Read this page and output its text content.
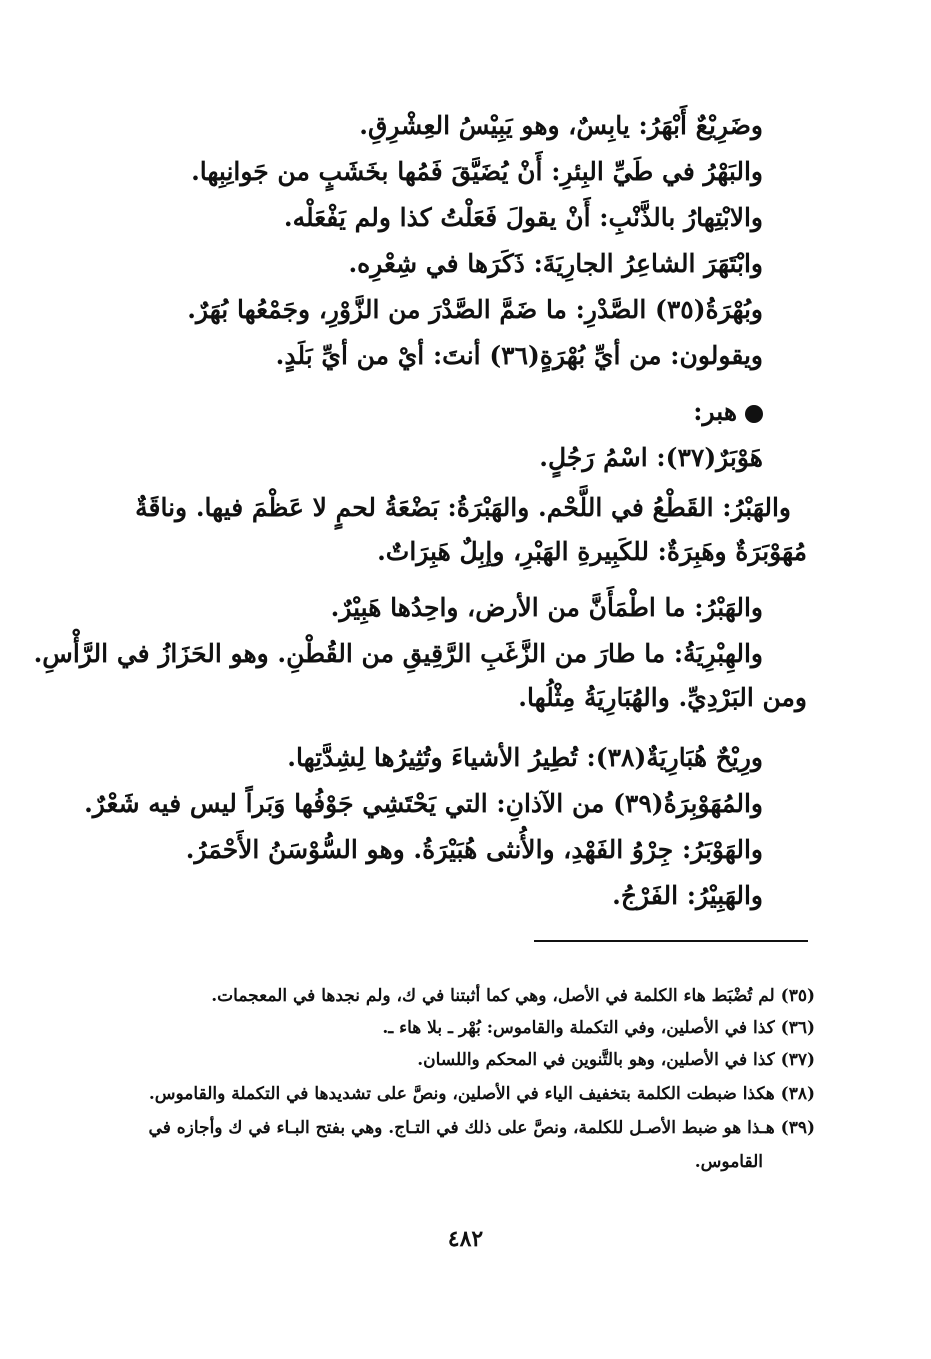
وضَرِيْعٌ أَبْهَرُ: يابِسٌ، وهو يَبِيْسُ العِشْرِقِ.
والبَهْرُ في طَيِّ البِئرِ: أَنْ يُضَيَّقَ فَمُها بخَشَبٍ من جَوانِبِها.
والابْتِهارُ بالذَّنْبِ: أَنْ يقولَ فَعَلْتُ كذا ولم يَفْعَلْه.
وابْتَهَرَ الشاعِرُ الجارِيَةَ: ذَكَرَها في شِعْرِه.
وبُهْرَةُ(٣٥) الصَّدْرِ: ما ضَمَّ الصَّدْرَ من الزَّوْرِ، وجَمْعُها بُهَرٌ.
ويقولون: من أيِّ بُهْرَةٍ(٣٦) أنتَ: أيْ من أيِّ بَلَدٍ.
هبر:
هَوْبَرٌ(٣٧): اسْمُ رَجُلٍ.
والهَبْرُ: القَطْعُ في اللَّحْم. والهَبْرَةُ: بَضْعَةُ لحمٍ لا عَظْمَ فيها. وناقَةٌ
مُهَوْبَرَةٌ وهَبِرَةٌ: للكَبِيرةِ الهَبْرِ، وإبِلٌ هَبِرَاتٌ.
والهَبْرُ: ما اطْمَأَنَّ من الأرض، واحِدُها هَبِيْرٌ.
والهِبْرِيَةُ: ما طارَ من الزَّغَبِ الرَّقِيقِ من القُطْنِ. وهو الحَزَازُ في الرَّأْسِ.
ومن البَرْدِيِّ. والهُبَارِيَةُ مِثْلُها.
ورِيْحٌ هُبَارِيَةٌ(٣٨): تُطِيرُ الأشياءَ وتُثِيرُها لِشِدَّتِها.
والمُهَوْبِرَةُ(٣٩) من الآذانِ: التي يَحْتَشِي جَوْفُها وَبَراً ليس فيه شَعْرٌ.
والهَوْبَرُ: جِرْوُ الفَهْدِ، والأُنثى هُبَيْرَةُ. وهو السُّوْسَنُ الأَحْمَرُ.
والهَبِيْرُ: الفَرْجُ.
(٣٥) لم تُضْبَط هاء الكلمة في الأصل، وهي كما أثبتنا في ك، ولم نجدها في المعجمات.
(٣٦) كذا في الأصلين، وفي التكملة والقاموس: بُهْر ـ بلا هاء ـ.
(٣٧) كذا في الأصلين، وهو بالتَّنوين في المحكم واللسان.
(٣٨) هكذا ضبطت الكلمة بتخفيف الياء في الأصلين، ونصَّ على تشديدها في التكملة والقاموس.
(٣٩) هـذا هو ضبط الأصـل للكلمة، ونصَّ على ذلك في التـاج. وهي بفتح البـاء في ك وأجازه في
القاموس.
٤٨٢
